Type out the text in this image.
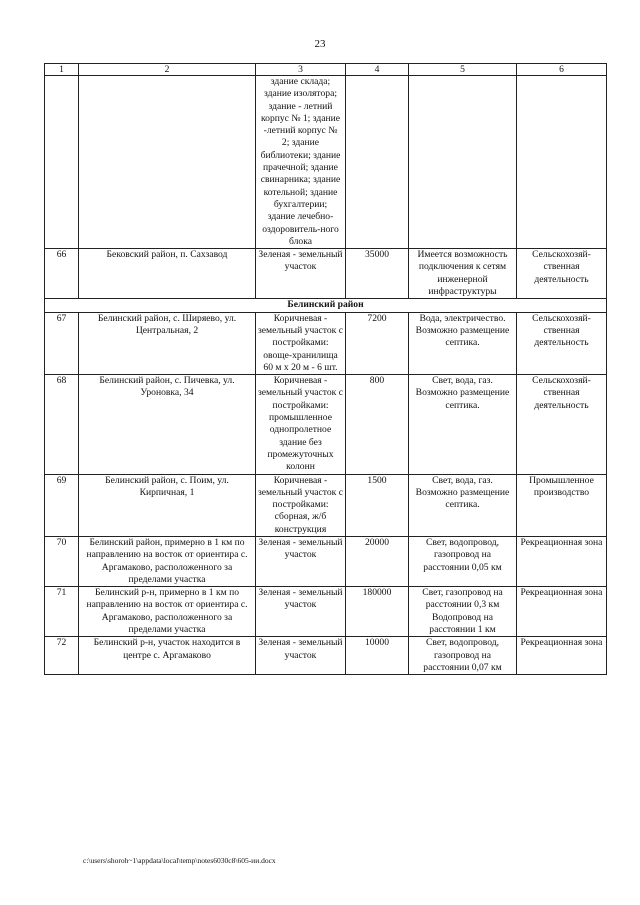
23
1	2	3	4	5	6
		здание склада; здание изолятора; здание - летний корпус № 1; здание -летний корпус № 2; здание библиотеки; здание прачечной; здание свинарника; здание котельной; здание бухгалтерии; здание лечебно-оздоровитель-ного блока			
66	Бековский район, п. Сахзавод	Зеленая - земельный участок	35000	Имеется возможность подключения к сетям инженерной инфраструктуры	Сельскохозяй-ственная деятельность
Белинский район					
67	Белинский район, с. Ширяево, ул. Центральная, 2	Коричневая - земельный участок с постройками: овоще-хранилища 60 м х 20 м - 6 шт.	7200	Вода, электричество. Возможно размещение септика.	Сельскохозяй-ственная деятельность
68	Белинский район, с. Пичевка, ул. Уроновка, 34	Коричневая - земельный участок с постройками: промышленное однопролетное здание без промежуточных колонн	800	Свет, вода, газ. Возможно размещение септика.	Сельскохозяй-ственная деятельность
69	Белинский район, с. Поим, ул. Кирпичная, 1	Коричневая - земельный участок с постройками: сборная, ж/б конструкция	1500	Свет, вода, газ. Возможно размещение септика.	Промышленное производство
70	Белинский район, примерно в 1 км по направлению на восток от ориентира с. Аргамаково, расположенного за пределами участка	Зеленая - земельный участок	20000	Свет, водопровод, газопровод на расстоянии 0,05 км	Рекреационная зона
71	Белинский р-н, примерно в 1 км по направлению на восток от ориентира с. Аргамаково, расположенного за пределами участка	Зеленая - земельный участок	180000	Свет, газопровод на расстоянии 0,3 км Водопровод на расстоянии 1 км	Рекреационная зона
72	Белинский р-н, участок находится в центре с. Аргамаково	Зеленая - земельный участок	10000	Свет, водопровод, газопровод на расстоянии 0,07 км	Рекреационная зона
c:\users\shoroh~1\appdata\local\temp\notes6030c8\605-ии.docx
